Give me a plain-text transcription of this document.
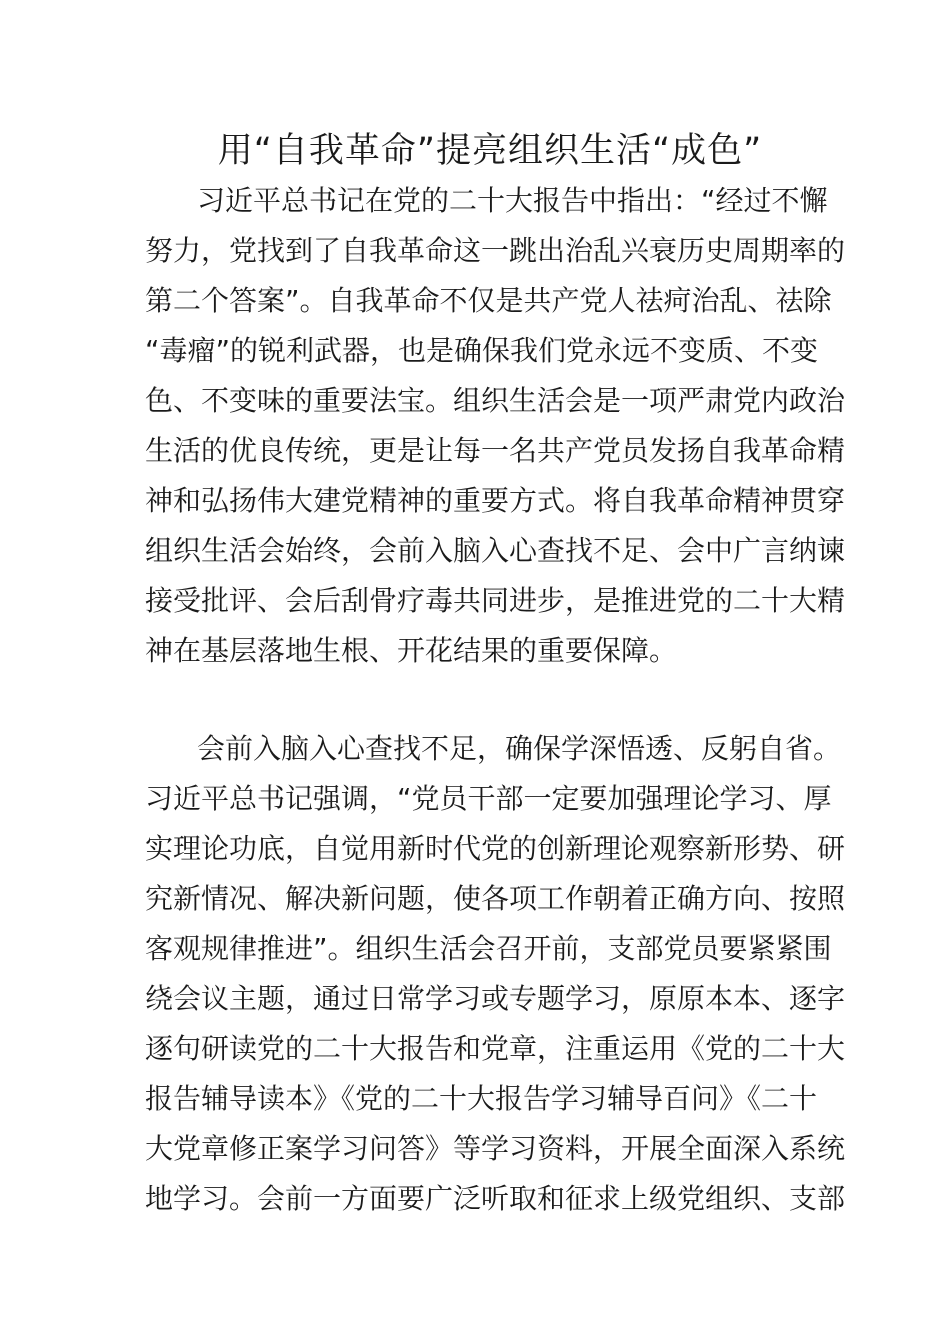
用“自我革命”提亮组织生活“成色”
习近平总书记在党的二十大报告中指出：“经过不懈
努力，党找到了自我革命这一跳出治乱兴衰历史周期率的
第二个答案”。自我革命不仅是共产党人祛疴治乱、祛除
“毒瘤”的锐利武器，也是确保我们党永远不变质、不变
色、不变味的重要法宝。组织生活会是一项严肃党内政治
生活的优良传统，更是让每一名共产党员发扬自我革命精
神和弘扬伟大建党精神的重要方式。将自我革命精神贯穿
组织生活会始终，会前入脑入心查找不足、会中广言纳谏
接受批评、会后刮骨疗毒共同进步，是推进党的二十大精
神在基层落地生根、开花结果的重要保障。
会前入脑入心查找不足，确保学深悟透、反躬自省。
习近平总书记强调，“党员干部一定要加强理论学习、厚
实理论功底，自觉用新时代党的创新理论观察新形势、研
究新情况、解决新问题，使各项工作朝着正确方向、按照
客观规律推进”。组织生活会召开前，支部党员要紧紧围
绕会议主题，通过日常学习或专题学习，原原本本、逐字
逐句研读党的二十大报告和党章，注重运用《党的二十大
报告辅导读本》《党的二十大报告学习辅导百问》《二十
大党章修正案学习问答》等学习资料，开展全面深入系统
地学习。会前一方面要广泛听取和征求上级党组织、支部
